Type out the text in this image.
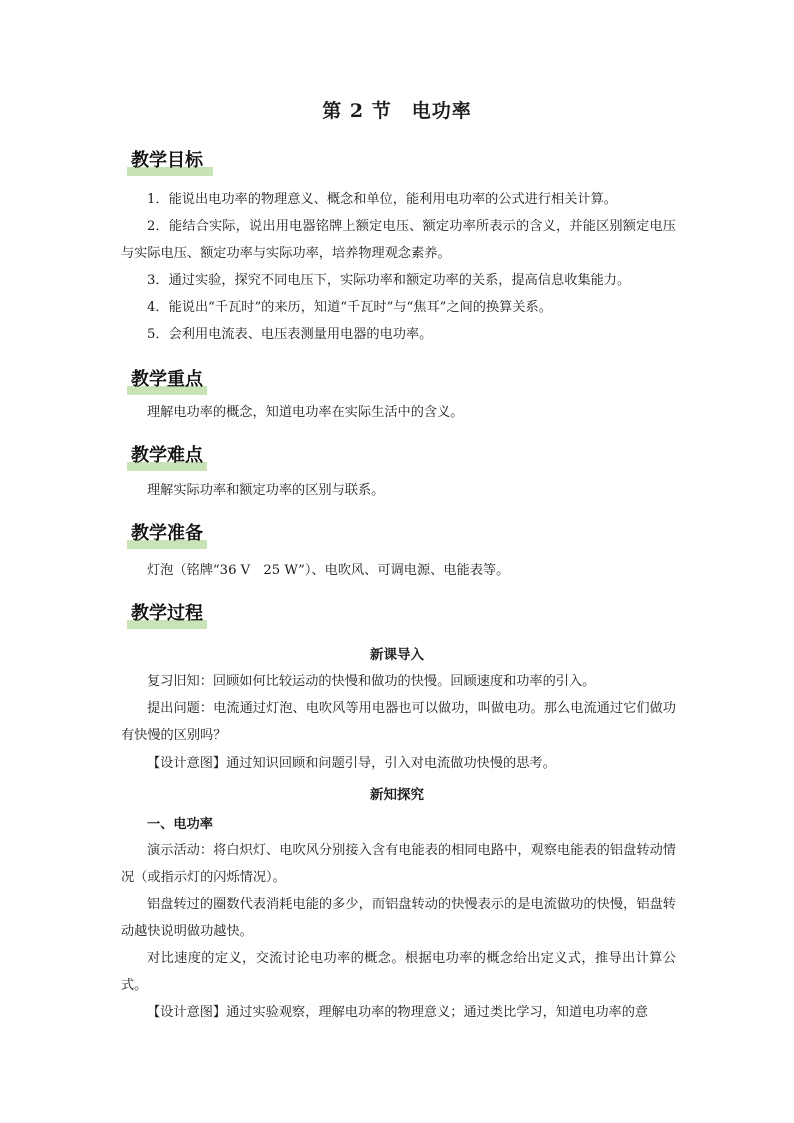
第 2 节　电功率
教学目标

1．能说出电功率的物理意义、概念和单位，能利用电功率的公式进行相关计算。

2．能结合实际，说出用电器铭牌上额定电压、额定功率所表示的含义，并能区别额定电压与实际电压、额定功率与实际功率，培养物理观念素养。

3．通过实验，探究不同电压下，实际功率和额定功率的关系，提高信息收集能力。

4．能说出“千瓦时”的来历，知道“千瓦时”与“焦耳”之间的换算关系。

5．会利用电流表、电压表测量用电器的电功率。

教学重点

理解电功率的概念，知道电功率在实际生活中的含义。

教学难点

理解实际功率和额定功率的区别与联系。

教学准备

灯泡（铭牌“36 V　25 W”）、电吹风、可调电源、电能表等。

教学过程
新课导入

复习旧知：回顾如何比较运动的快慢和做功的快慢。回顾速度和功率的引入。

提出问题：电流通过灯泡、电吹风等用电器也可以做功，叫做电功。那么电流通过它们做功有快慢的区别吗？

【设计意图】通过知识回顾和问题引导，引入对电流做功快慢的思考。

新知探究
一、电功率

演示活动：将白炽灯、电吹风分别接入含有电能表的相同电路中，观察电能表的铝盘转动情况（或指示灯的闪烁情况）。

铝盘转过的圈数代表消耗电能的多少，而铝盘转动的快慢表示的是电流做功的快慢，铝盘转动越快说明做功越快。

对比速度的定义，交流讨论电功率的概念。根据电功率的概念给出定义式，推导出计算公式。

【设计意图】通过实验观察，理解电功率的物理意义；通过类比学习，知道电功率的意
